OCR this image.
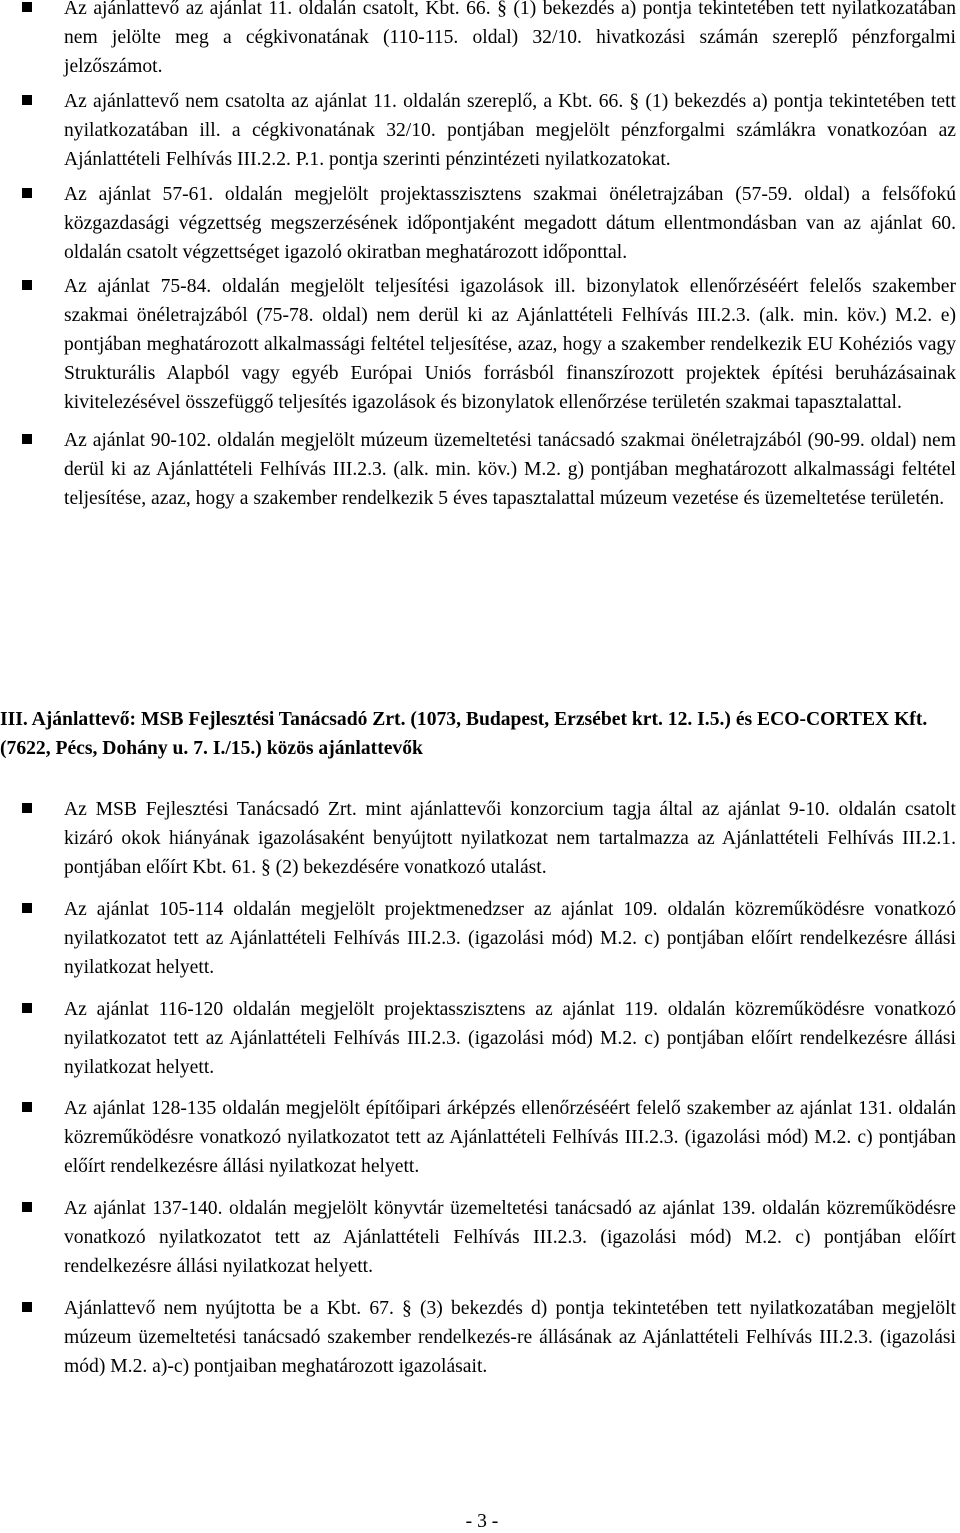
Az ajánlattevő az ajánlat 11. oldalán csatolt, Kbt. 66. § (1) bekezdés a) pontja tekintetében tett nyilatkozatában nem jelölte meg a cégkivonatának (110-115. oldal) 32/10. hivatkozási számán szereplő pénzforgalmi jelzőszámot.
Az ajánlattevő nem csatolta az ajánlat 11. oldalán szereplő, a Kbt. 66. § (1) bekezdés a) pontja tekintetében tett nyilatkozatában ill. a cégkivonatának 32/10. pontjában megjelölt pénzforgalmi számlákra vonatkozóan az Ajánlattételi Felhívás III.2.2. P.1. pontja szerinti pénzintézeti nyilatkozatokat.
Az ajánlat 57-61. oldalán megjelölt projektasszisztens szakmai önéletrajzában (57-59. oldal) a felsőfokú közgazdasági végzettség megszerzésének időpontjaként megadott dátum ellentmondásban van az ajánlat 60. oldalán csatolt végzettséget igazoló okiratban meghatározott időponttal.
Az ajánlat 75-84. oldalán megjelölt teljesítési igazolások ill. bizonylatok ellenőrzéséért felelős szakember szakmai önéletrajzából (75-78. oldal) nem derül ki az Ajánlattételi Felhívás III.2.3. (alk. min. köv.) M.2. e) pontjában meghatározott alkalmassági feltétel teljesítése, azaz, hogy a szakember rendelkezik EU Kohéziós vagy Strukturális Alapból vagy egyéb Európai Uniós forrásból finanszírozott projektek építési beruházásainak kivitelezésével összefüggő teljesítés igazolások és bizonylatok ellenőrzése területén szakmai tapasztalattal.
Az ajánlat 90-102. oldalán megjelölt múzeum üzemeltetési tanácsadó szakmai önéletrajzából (90-99. oldal) nem derül ki az Ajánlattételi Felhívás III.2.3. (alk. min. köv.) M.2. g) pontjában meghatározott alkalmassági feltétel teljesítése, azaz, hogy a szakember rendelkezik 5 éves tapasztalattal múzeum vezetése és üzemeltetése területén.
III. Ajánlattevő: MSB Fejlesztési Tanácsadó Zrt. (1073, Budapest, Erzsébet krt. 12. I.5.) és ECO-CORTEX Kft. (7622, Pécs, Dohány u. 7. I./15.) közös ajánlattevők
Az MSB Fejlesztési Tanácsadó Zrt. mint ajánlattevői konzorcium tagja által az ajánlat 9-10. oldalán csatolt kizáró okok hiányának igazolásaként benyújtott nyilatkozat nem tartalmazza az Ajánlattételi Felhívás III.2.1. pontjában előírt Kbt. 61. § (2) bekezdésére vonatkozó utalást.
Az ajánlat 105-114 oldalán megjelölt projektmenedzser az ajánlat 109. oldalán közreműködésre vonatkozó nyilatkozatot tett az Ajánlattételi Felhívás III.2.3. (igazolási mód) M.2. c) pontjában előírt rendelkezésre állási nyilatkozat helyett.
Az ajánlat 116-120 oldalán megjelölt projektasszisztens az ajánlat 119. oldalán közreműködésre vonatkozó nyilatkozatot tett az Ajánlattételi Felhívás III.2.3. (igazolási mód) M.2. c) pontjában előírt rendelkezésre állási nyilatkozat helyett.
Az ajánlat 128-135 oldalán megjelölt építőipari árképzés ellenőrzéséért felelő szakember az ajánlat 131. oldalán közreműködésre vonatkozó nyilatkozatot tett az Ajánlattételi Felhívás III.2.3. (igazolási mód) M.2. c) pontjában előírt rendelkezésre állási nyilatkozat helyett.
Az ajánlat 137-140. oldalán megjelölt könyvtár üzemeltetési tanácsadó az ajánlat 139. oldalán közreműködésre vonatkozó nyilatkozatot tett az Ajánlattételi Felhívás III.2.3. (igazolási mód) M.2. c) pontjában előírt rendelkezésre állási nyilatkozat helyett.
Ajánlattevő nem nyújtotta be a Kbt. 67. § (3) bekezdés d) pontja tekintetében tett nyilatkozatában megjelölt múzeum üzemeltetési tanácsadó szakember rendelkezés-re állásának az Ajánlattételi Felhívás III.2.3. (igazolási mód) M.2. a)-c) pontjaiban meghatározott igazolásait.
- 3 -
